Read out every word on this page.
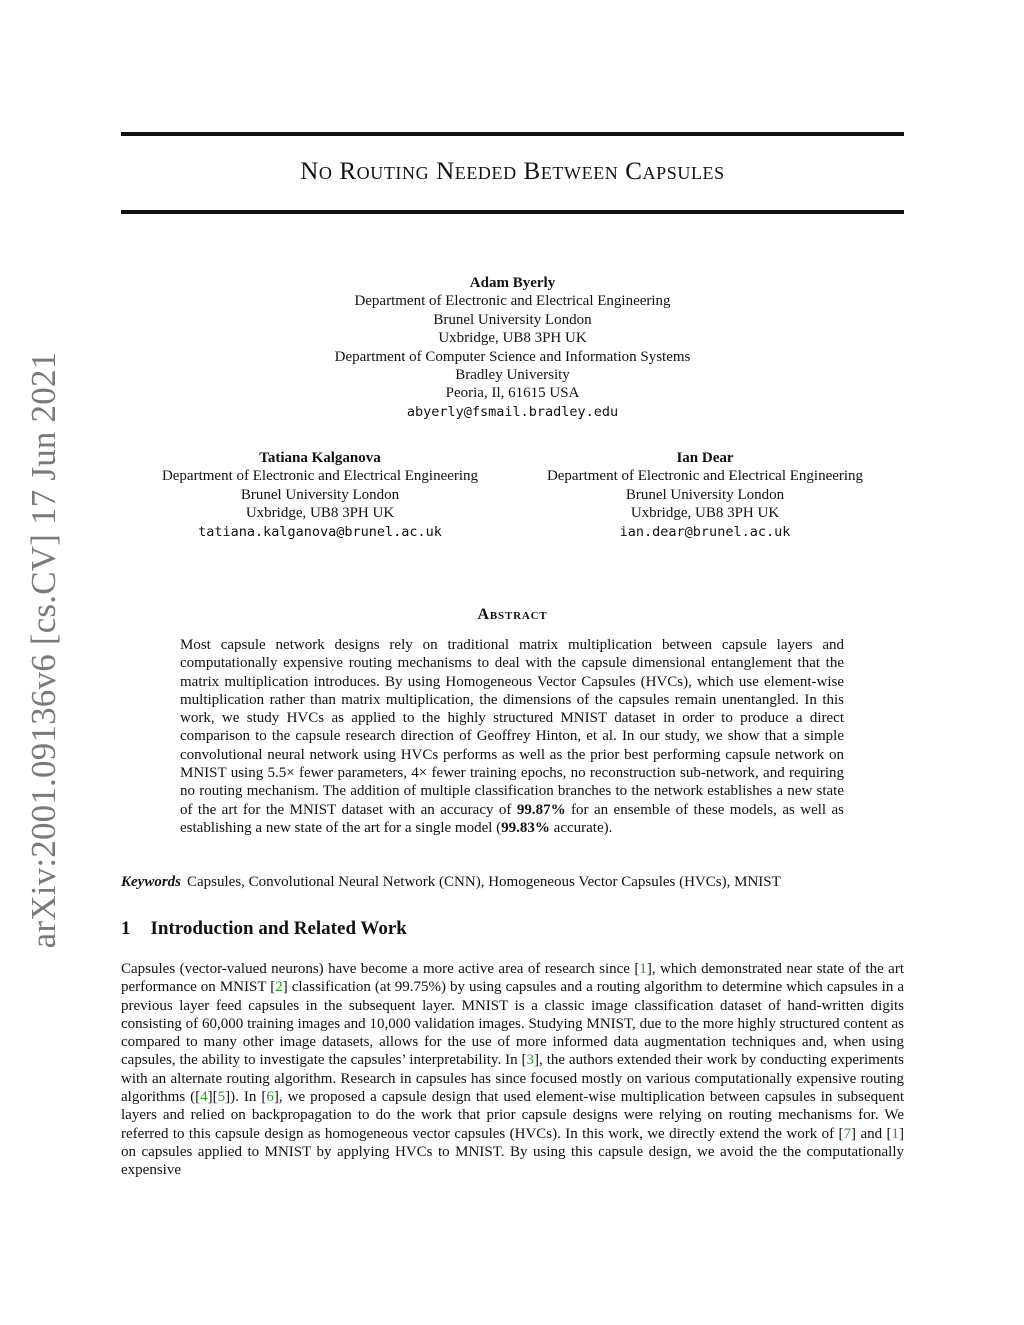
arXiv:2001.09136v6 [cs.CV] 17 Jun 2021
No Routing Needed Between Capsules
Adam Byerly
Department of Electronic and Electrical Engineering
Brunel University London
Uxbridge, UB8 3PH UK
Department of Computer Science and Information Systems
Bradley University
Peoria, Il, 61615 USA
abyerly@fsmail.bradley.edu
Tatiana Kalganova
Department of Electronic and Electrical Engineering
Brunel University London
Uxbridge, UB8 3PH UK
tatiana.kalganova@brunel.ac.uk
Ian Dear
Department of Electronic and Electrical Engineering
Brunel University London
Uxbridge, UB8 3PH UK
ian.dear@brunel.ac.uk
Abstract
Most capsule network designs rely on traditional matrix multiplication between capsule layers and computationally expensive routing mechanisms to deal with the capsule dimensional entanglement that the matrix multiplication introduces. By using Homogeneous Vector Capsules (HVCs), which use element-wise multiplication rather than matrix multiplication, the dimensions of the capsules remain unentangled. In this work, we study HVCs as applied to the highly structured MNIST dataset in order to produce a direct comparison to the capsule research direction of Geoffrey Hinton, et al. In our study, we show that a simple convolutional neural network using HVCs performs as well as the prior best performing capsule network on MNIST using 5.5× fewer parameters, 4× fewer training epochs, no reconstruction sub-network, and requiring no routing mechanism. The addition of multiple classification branches to the network establishes a new state of the art for the MNIST dataset with an accuracy of 99.87% for an ensemble of these models, as well as establishing a new state of the art for a single model (99.83% accurate).
Keywords Capsules, Convolutional Neural Network (CNN), Homogeneous Vector Capsules (HVCs), MNIST
1 Introduction and Related Work
Capsules (vector-valued neurons) have become a more active area of research since [1], which demonstrated near state of the art performance on MNIST [2] classification (at 99.75%) by using capsules and a routing algorithm to determine which capsules in a previous layer feed capsules in the subsequent layer. MNIST is a classic image classification dataset of hand-written digits consisting of 60,000 training images and 10,000 validation images. Studying MNIST, due to the more highly structured content as compared to many other image datasets, allows for the use of more informed data augmentation techniques and, when using capsules, the ability to investigate the capsules’ interpretability. In [3], the authors extended their work by conducting experiments with an alternate routing algorithm. Research in capsules has since focused mostly on various computationally expensive routing algorithms ([4][5]). In [6], we proposed a capsule design that used element-wise multiplication between capsules in subsequent layers and relied on backpropagation to do the work that prior capsule designs were relying on routing mechanisms for. We referred to this capsule design as homogeneous vector capsules (HVCs). In this work, we directly extend the work of [7] and [1] on capsules applied to MNIST by applying HVCs to MNIST. By using this capsule design, we avoid the the computationally expensive
